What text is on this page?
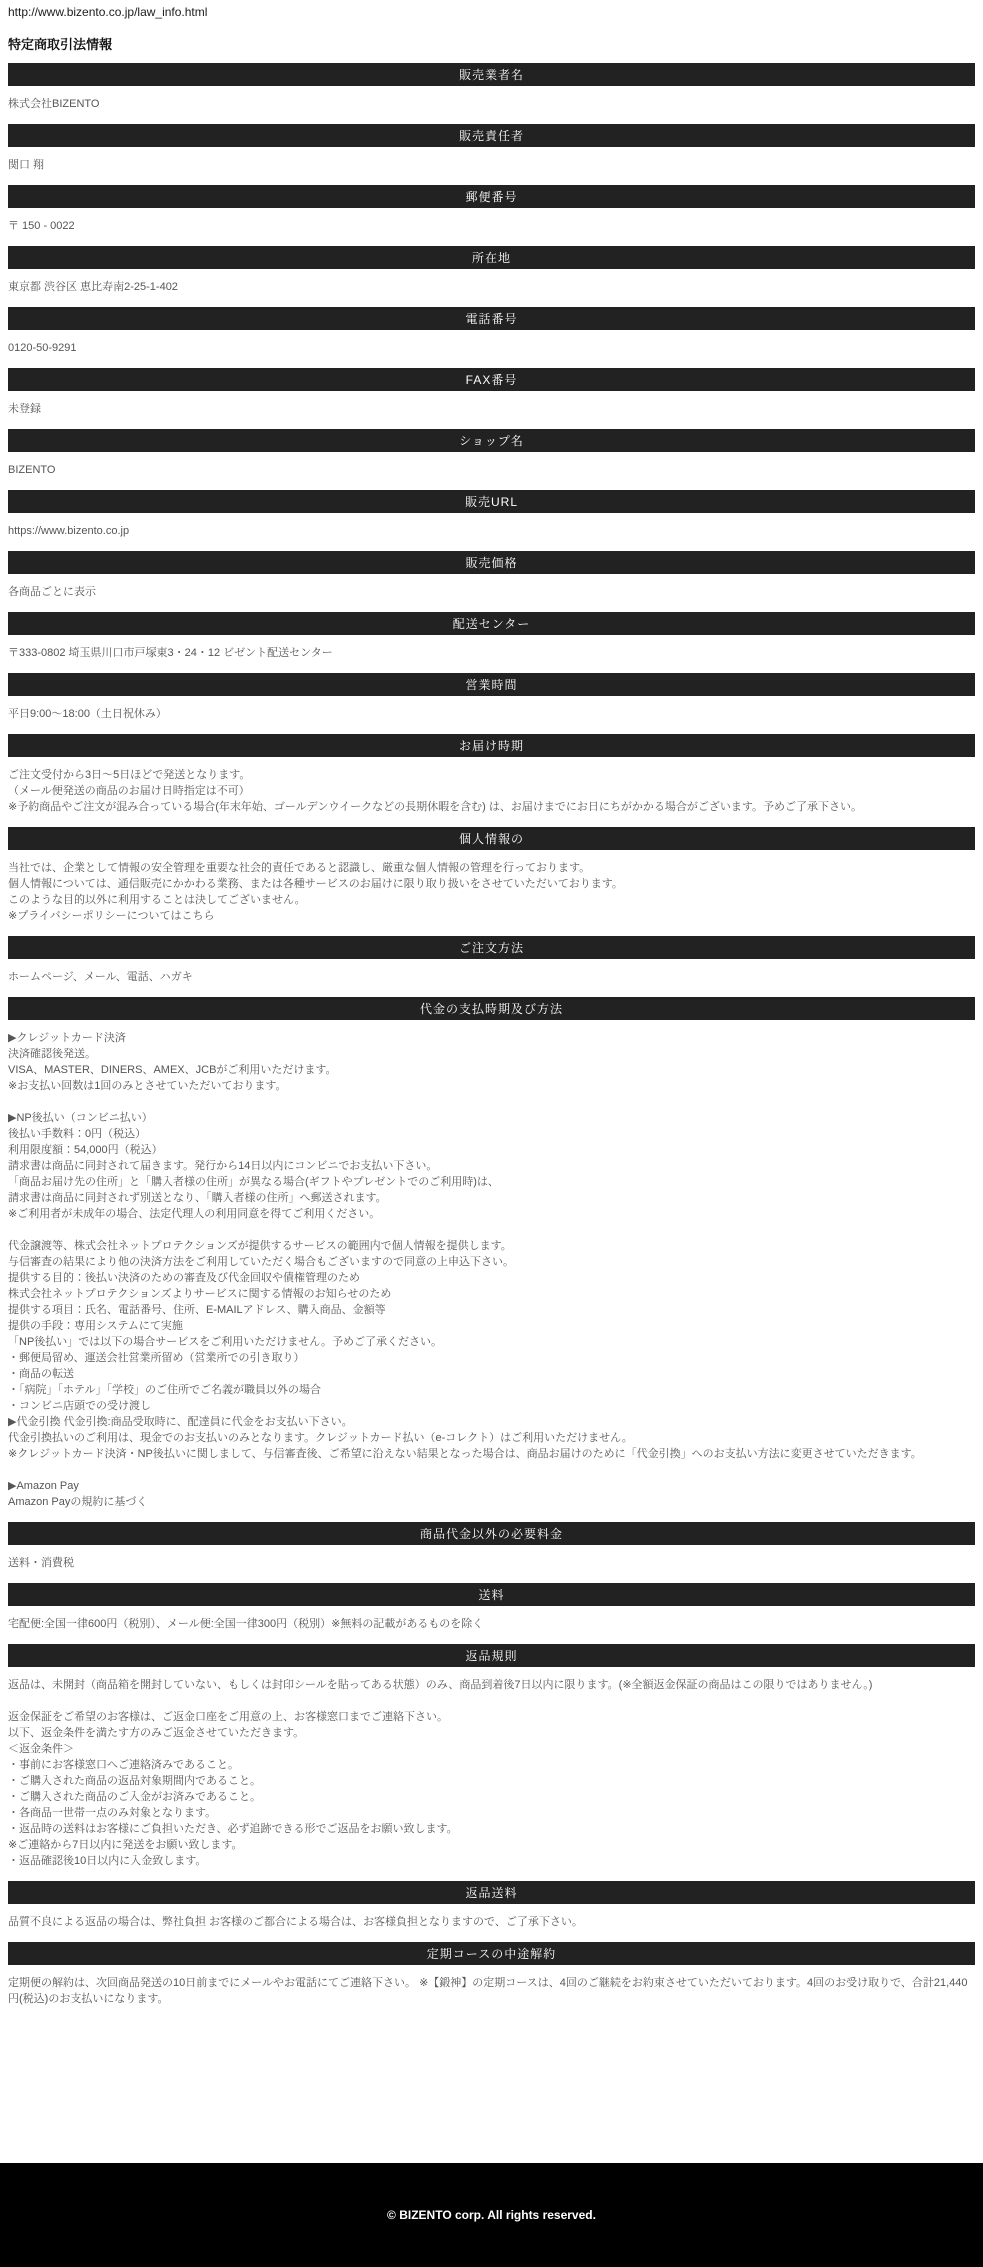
http://www.bizento.co.jp/law_info.html
特定商取引法情報
販売業者名

株式会社BIZENTO

販売責任者

関口 翔

郵便番号

〒 150 - 0022

所在地

東京都 渋谷区 恵比寿南2-25-1-402

電話番号

0120-50-9291

FAX番号

未登録

ショップ名

BIZENTO

販売URL

https://www.bizento.co.jp

販売価格

各商品ごとに表示

配送センター

〒333-0802 埼玉県川口市戸塚東3・24・12 ビゼント配送センター

営業時間

平日9:00～18:00（土日祝休み）

お届け時期

ご注文受付から3日～5日ほどで発送となります。

（メール便発送の商品のお届け日時指定は不可）

※予約商品やご注文が混み合っている場合(年末年始、ゴールデンウイークなどの長期休暇を含む) は、お届けまでにお日にちがかかる場合がございます。予めご了承下さい。

個人情報の

当社では、企業として情報の安全管理を重要な社会的責任であると認識し、厳重な個人情報の管理を行っております。

個人情報については、通信販売にかかわる業務、または各種サービスのお届けに限り取り扱いをさせていただいております。

このような目的以外に利用することは決してございません。

※プライバシーポリシーについてはこちら

ご注文方法

ホームページ、メール、電話、ハガキ

代金の支払時期及び方法

▶クレジットカード決済

決済確認後発送。

VISA、MASTER、DINERS、AMEX、JCBがご利用いただけます。

※お支払い回数は1回のみとさせていただいております。

▶NP後払い（コンビニ払い）

後払い手数料：0円（税込）

利用限度額：54,000円（税込）

請求書は商品に同封されて届きます。発行から14日以内にコンビニでお支払い下さい。

「商品お届け先の住所」と「購入者様の住所」が異なる場合(ギフトやプレゼントでのご利用時)は、

請求書は商品に同封されず別送となり、「購入者様の住所」へ郵送されます。

※ご利用者が未成年の場合、法定代理人の利用同意を得てご利用ください。

代金譲渡等、株式会社ネットプロテクションズが提供するサービスの範囲内で個人情報を提供します。

与信審査の結果により他の決済方法をご利用していただく場合もございますので同意の上申込下さい。

提供する目的：後払い決済のための審査及び代金回収や債権管理のため

株式会社ネットプロテクションズよりサービスに関する情報のお知らせのため

提供する項目：氏名、電話番号、住所、E-MAILアドレス、購入商品、金額等

提供の手段：専用システムにて実施

「NP後払い」では以下の場合サービスをご利用いただけません。予めご了承ください。

・郵便局留め、運送会社営業所留め（営業所での引き取り）

・商品の転送

・「病院」「ホテル」「学校」のご住所でご名義が職員以外の場合

・コンビニ店頭での受け渡し

▶代金引換 代金引換:商品受取時に、配達員に代金をお支払い下さい。

代金引換払いのご利用は、現金でのお支払いのみとなります。クレジットカード払い（e-コレクト）はご利用いただけません。

※クレジットカード決済・NP後払いに関しまして、与信審査後、ご希望に沿えない結果となった場合は、商品お届けのために「代金引換」へのお支払い方法に変更させていただきます。

▶Amazon Pay

Amazon Payの規約に基づく

商品代金以外の必要料金

送料・消費税

送料

宅配便:全国一律600円（税別）、メール便:全国一律300円（税別）※無料の記載があるものを除く

返品規則

返品は、未開封（商品箱を開封していない、もしくは封印シールを貼ってある状態）のみ、商品到着後7日以内に限ります。(※全額返金保証の商品はこの限りではありません。)

返金保証をご希望のお客様は、ご返金口座をご用意の上、お客様窓口までご連絡下さい。

以下、返金条件を満たす方のみご返金させていただきます。

＜返金条件＞

・事前にお客様窓口へご連絡済みであること。

・ご購入された商品の返品対象期間内であること。

・ご購入された商品のご入金がお済みであること。

・各商品一世帯一点のみ対象となります。

・返品時の送料はお客様にご負担いただき、必ず追跡できる形でご返品をお願い致します。

※ご連絡から7日以内に発送をお願い致します。

・返品確認後10日以内に入金致します。

返品送料

品質不良による返品の場合は、弊社負担 お客様のご都合による場合は、お客様負担となりますので、ご了承下さい。

定期コースの中途解約

定期便の解約は、次回商品発送の10日前までにメールやお電話にてご連絡下さい。 ※【鍛神】の定期コースは、4回のご継続をお約束させていただいております。4回のお受け取りで、合計21,440円(税込)のお支払いになります。

© BIZENTO corp. All rights reserved.
